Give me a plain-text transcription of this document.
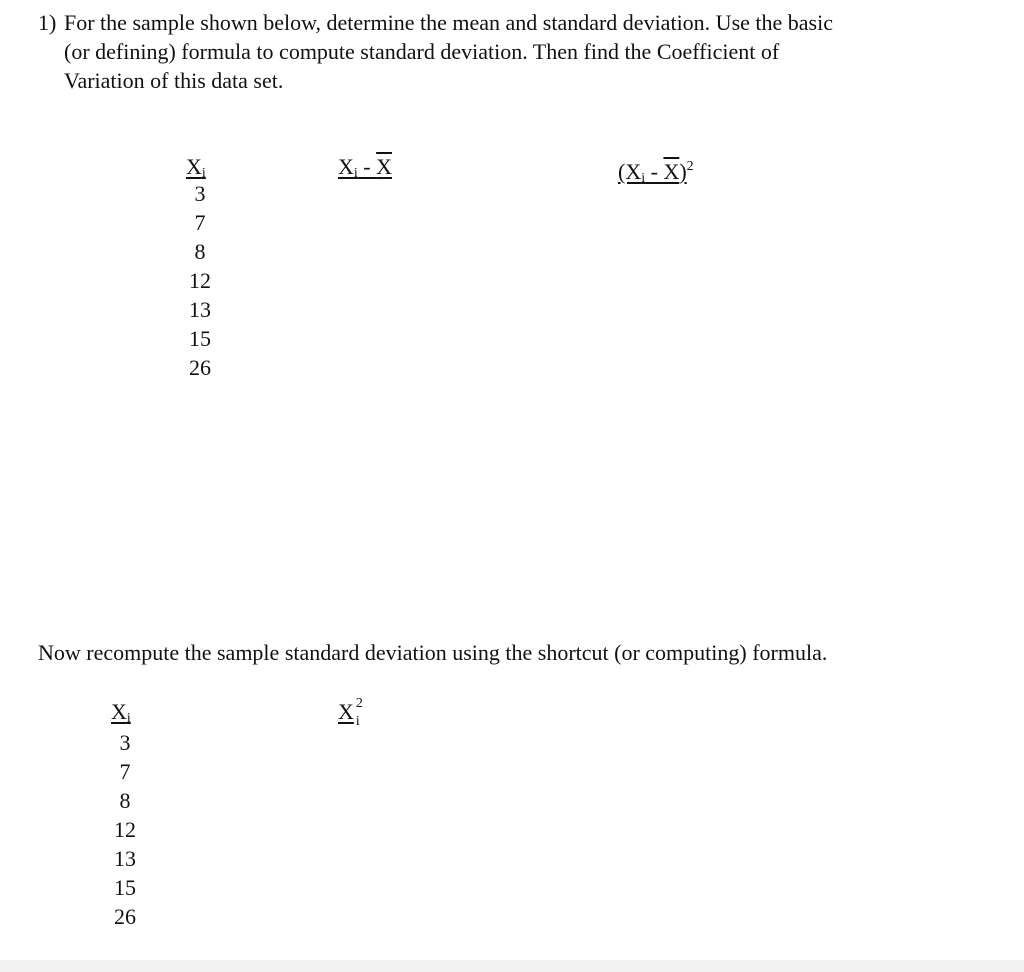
1) For the sample shown below, determine the mean and standard deviation. Use the basic
(or defining) formula to compute standard deviation. Then find the Coefficient of
Variation of this data set.
$X_i$	$X_i$ - X	$(X_i - X)^2$
3
7
8
12
13
15
26
Now recompute the sample standard deviation using the shortcut (or computing) formula.
$X_i$	X 2
i
3
7
8
12
13
15
26
